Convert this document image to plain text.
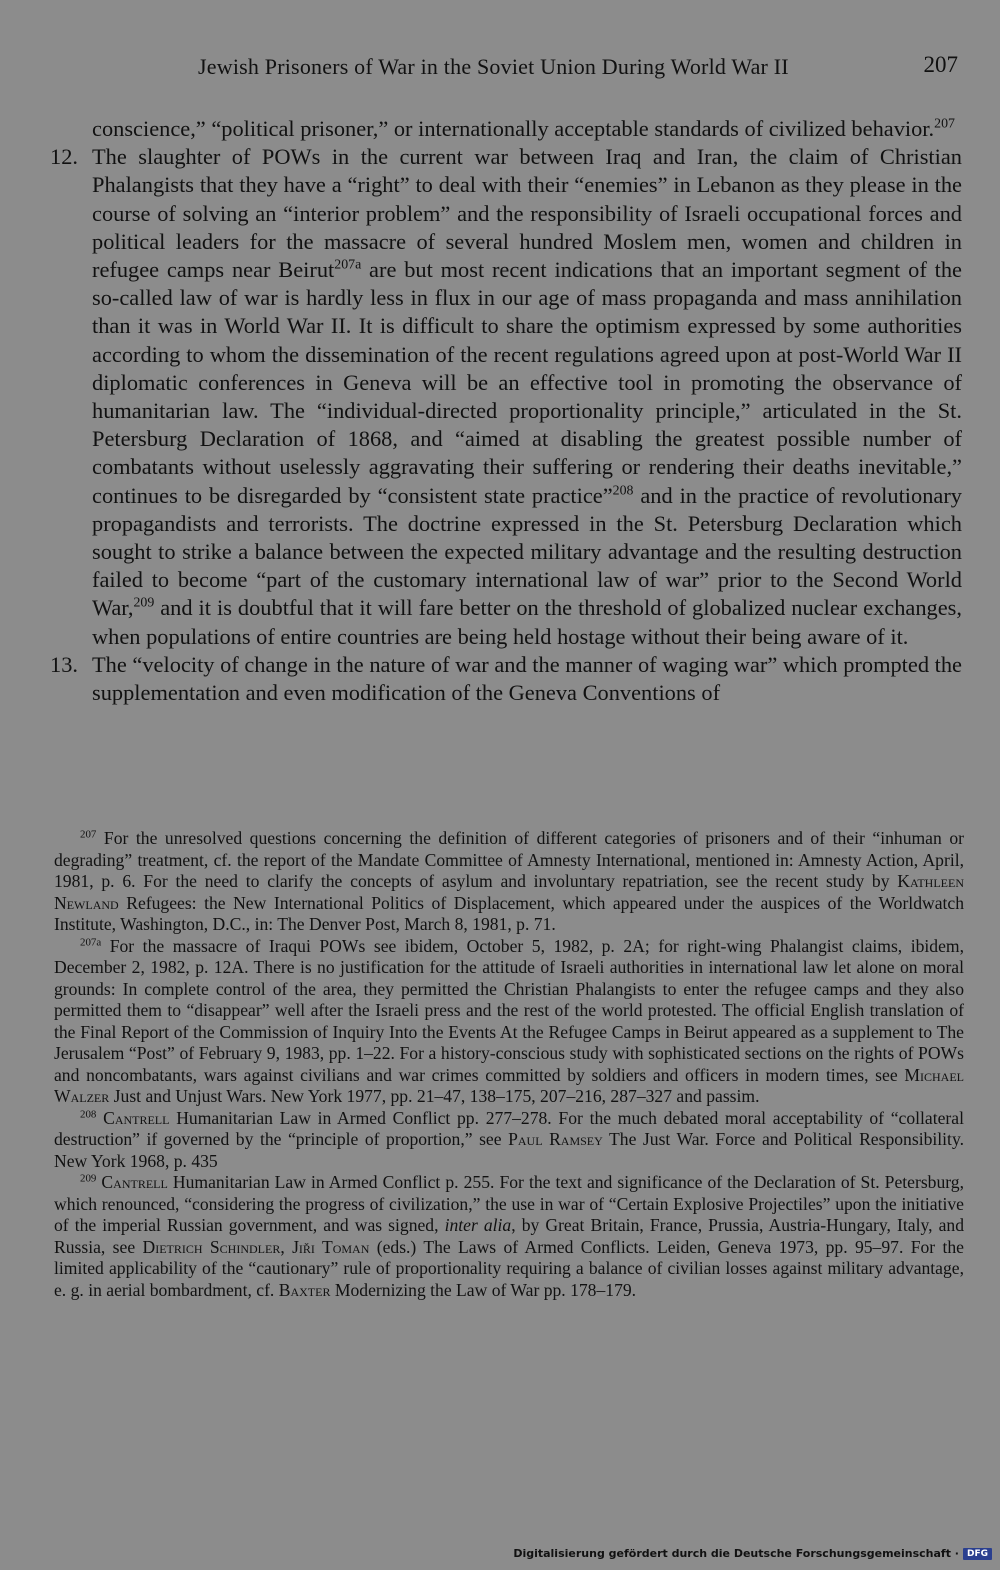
Jewish Prisoners of War in the Soviet Union During World War II	207

conscience,” “political prisoner,” or internationally acceptable standards of civilized behavior.$^{207}$

12. The slaughter of POWs in the current war between Iraq and Iran, the claim of Christian Phalangists that they have a “right” to deal with their “enemies” in Lebanon as they please in the course of solving an “interior problem” and the responsibility of Israeli occupational forces and political leaders for the massacre of several hundred Moslem men, women and children in refugee camps near Beirut$^{207a}$ are but most recent indications that an important segment of the so-called law of war is hardly less in flux in our age of mass propaganda and mass annihilation than it was in World War II. It is difficult to share the optimism expressed by some authorities according to whom the dissemination of the recent regulations agreed upon at post-World War II diplomatic conferences in Geneva will be an effective tool in promoting the observance of humanitarian law. The “individual-directed proportionality principle,” articulated in the St. Petersburg Declaration of 1868, and “aimed at disabling the greatest possible number of combatants without uselessly aggravating their suffering or rendering their deaths inevitable,” continues to be disregarded by “consistent state practice”$^{208}$ and in the practice of revolutionary propagandists and terrorists. The doctrine expressed in the St. Petersburg Declaration which sought to strike a balance between the expected military advantage and the resulting destruction failed to become “part of the customary international law of war” prior to the Second World War,$^{209}$ and it is doubtful that it will fare better on the threshold of globalized nuclear exchanges, when populations of entire countries are being held hostage without their being aware of it.

13. The “velocity of change in the nature of war and the manner of waging war” which prompted the supplementation and even modification of the Geneva Conventions of

$^{207}$ For the unresolved questions concerning the definition of different categories of prisoners and of their “inhuman or degrading” treatment, cf. the report of the Mandate Committee of Amnesty International, mentioned in: Amnesty Action, April, 1981, p. 6. For the need to clarify the concepts of asylum and involuntary repatriation, see the recent study by Kathleen Newland Refugees: the New International Politics of Displacement, which appeared under the auspices of the Worldwatch Institute, Washington, D.C., in: The Denver Post, March 8, 1981, p. 71.

$^{207a}$ For the massacre of Iraqui POWs see ibidem, October 5, 1982, p. 2A; for right-wing Phalangist claims, ibidem, December 2, 1982, p. 12A. There is no justification for the attitude of Israeli authorities in international law let alone on moral grounds: In complete control of the area, they permitted the Christian Phalangists to enter the refugee camps and they also permitted them to “disappear” well after the Israeli press and the rest of the world protested. The official English translation of the Final Report of the Commission of Inquiry Into the Events At the Refugee Camps in Beirut appeared as a supplement to The Jerusalem “Post” of February 9, 1983, pp. 1–22. For a history-conscious study with sophisticated sections on the rights of POWs and noncombatants, wars against civilians and war crimes committed by soldiers and officers in modern times, see Michael Walzer Just and Unjust Wars. New York 1977, pp. 21–47, 138–175, 207–216, 287–327 and passim.

$^{208}$ Cantrell Humanitarian Law in Armed Conflict pp. 277–278. For the much debated moral acceptability of “collateral destruction” if governed by the “principle of proportion,” see Paul Ramsey The Just War. Force and Political Responsibility. New York 1968, p. 435

$^{209}$ Cantrell Humanitarian Law in Armed Conflict p. 255. For the text and significance of the Declaration of St. Petersburg, which renounced, “considering the progress of civilization,” the use in war of “Certain Explosive Projectiles” upon the initiative of the imperial Russian government, and was signed, inter alia, by Great Britain, France, Prussia, Austria-Hungary, Italy, and Russia, see Dietrich Schindler, Jiři Toman (eds.) The Laws of Armed Conflicts. Leiden, Geneva 1973, pp. 95–97. For the limited applicability of the “cautionary” rule of proportionality requiring a balance of civilian losses against military advantage, e. g. in aerial bombardment, cf. Baxter Modernizing the Law of War pp. 178–179.

Digitalisierung gefördert durch die Deutsche Forschungsgemeinschaft · DFG
